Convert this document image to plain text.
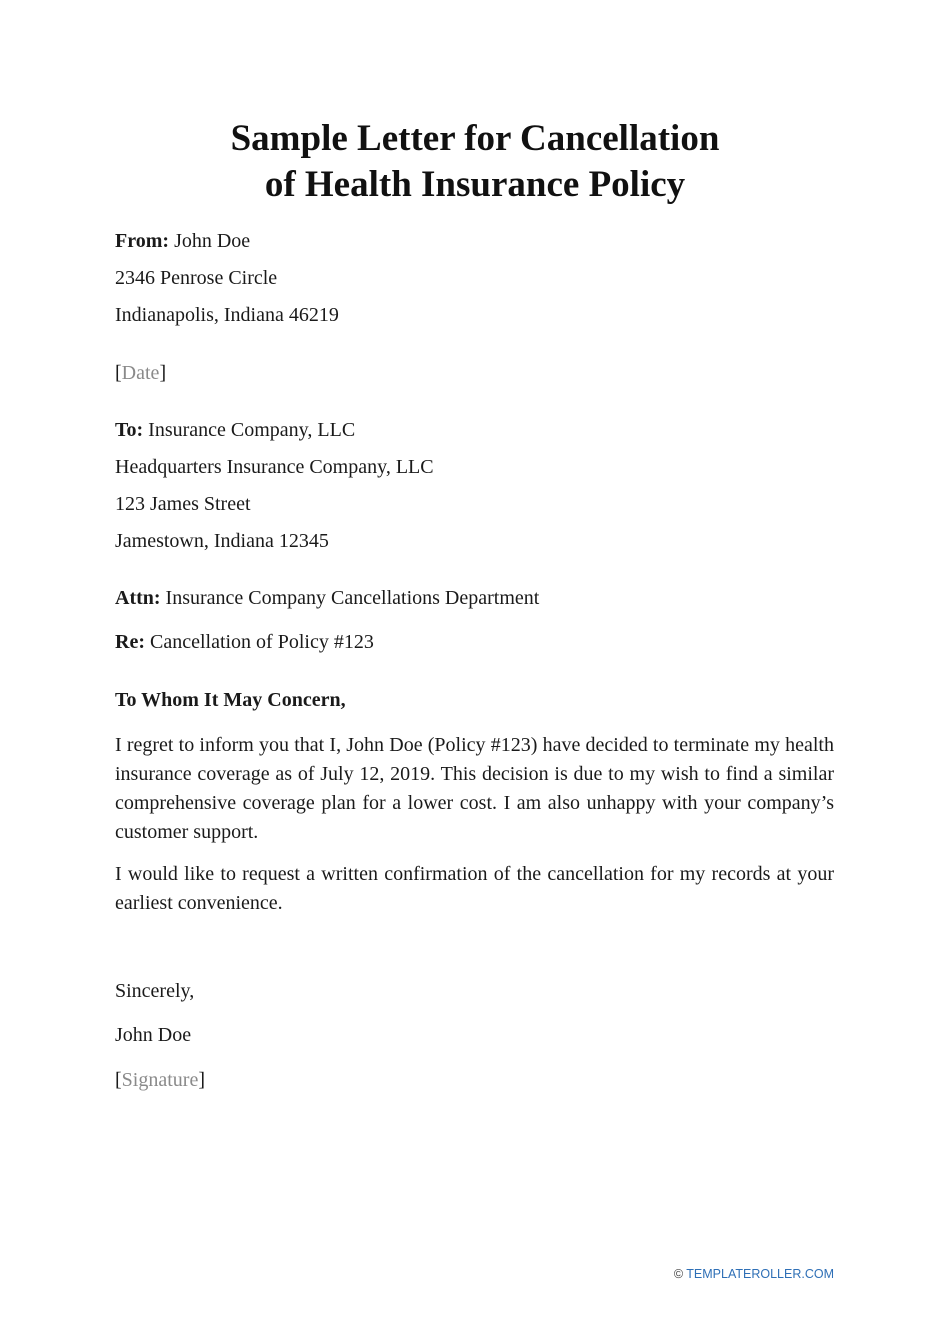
Sample Letter for Cancellation
of Health Insurance Policy

From: John Doe

2346 Penrose Circle

Indianapolis, Indiana 46219

[Date]

To: Insurance Company, LLC

Headquarters Insurance Company, LLC

123 James Street

Jamestown, Indiana 12345

Attn: Insurance Company Cancellations Department

Re: Cancellation of Policy #123

To Whom It May Concern,

I regret to inform you that I, John Doe (Policy #123) have decided to terminate my health insurance coverage as of July 12, 2019. This decision is due to my wish to find a similar comprehensive coverage plan for a lower cost. I am also unhappy with your company’s customer support.

I would like to request a written confirmation of the cancellation for my records at your earliest convenience.

Sincerely,

John Doe

[Signature]

© TEMPLATEROLLER.COM
